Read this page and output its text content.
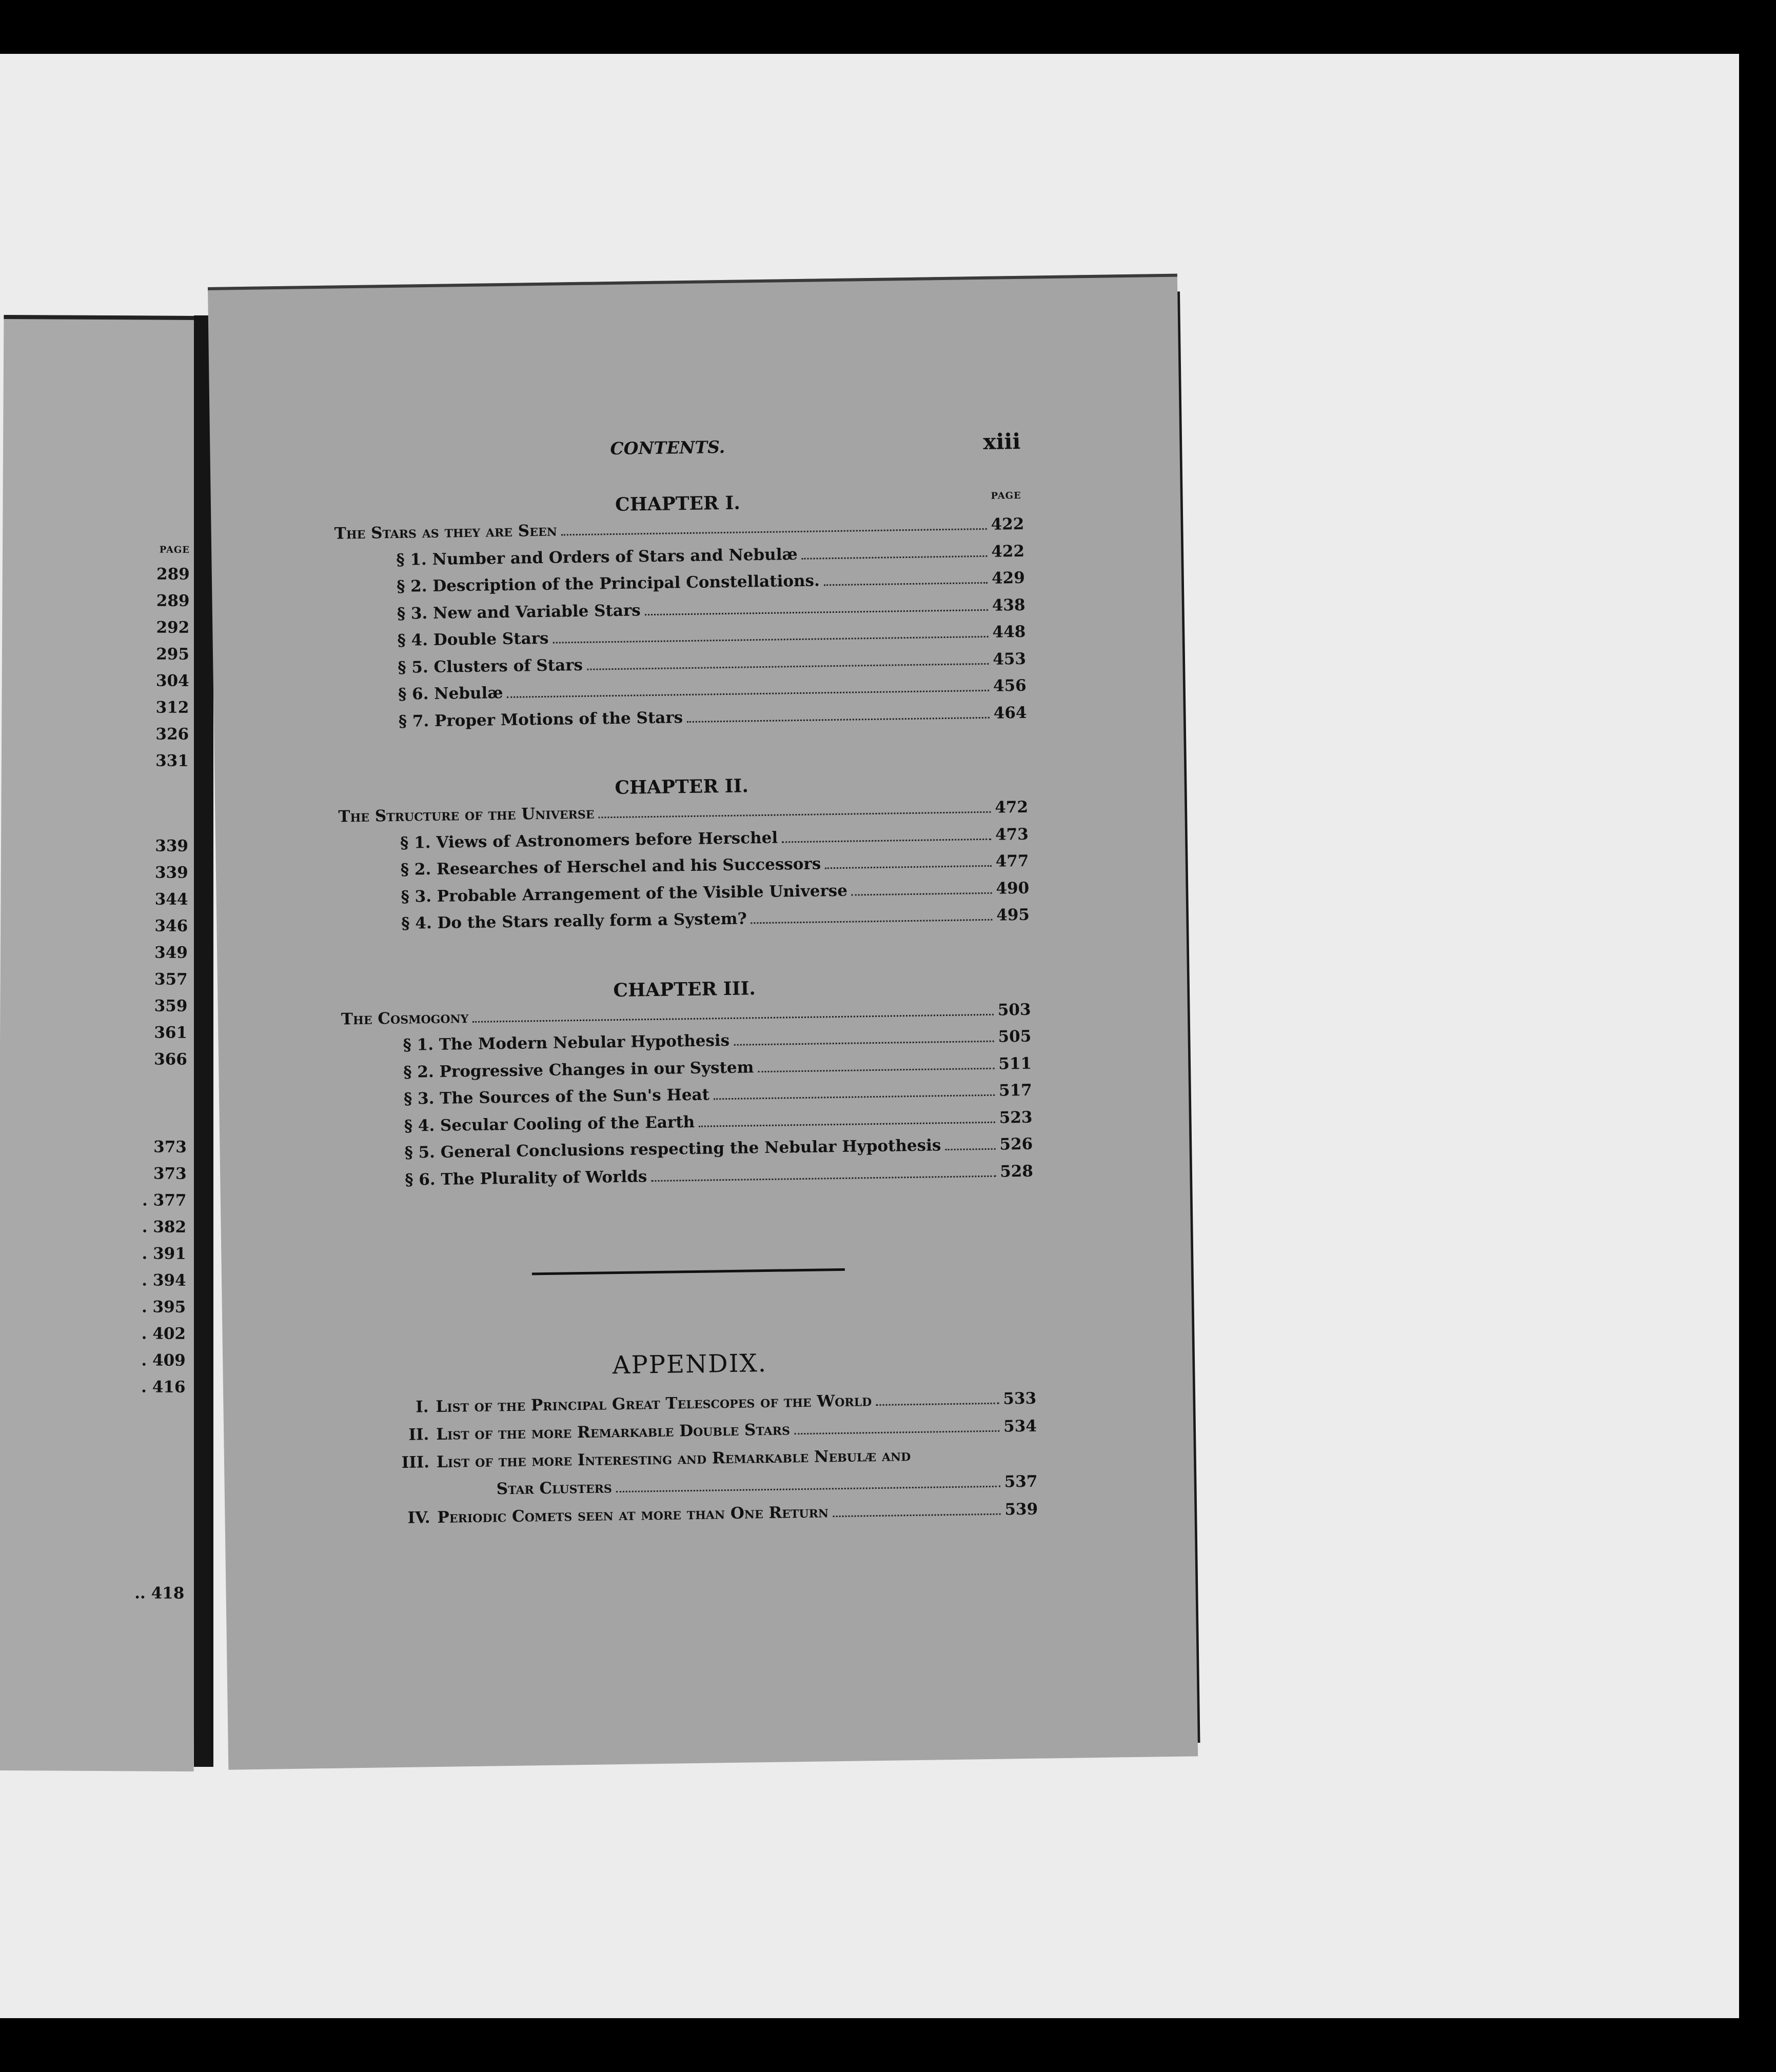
PAGE
289
289
292
295
304
312
326
331
339
339
344
346
349
357
359
361
366
373
373
. 377
. 382
. 391
. 394
. 395
. 402
. 409
. 416
.. 418
CONTENTS.	xiii
CHAPTER I.	PAGE
The Stars as they are Seen	422
§ 1. Number and Orders of Stars and Nebulæ	422
§ 2. Description of the Principal Constellations.	429
§ 3. New and Variable Stars	438
§ 4. Double Stars	448
§ 5. Clusters of Stars	453
§ 6. Nebulæ	456
§ 7. Proper Motions of the Stars	464
CHAPTER II.
The Structure of the Universe	472
§ 1. Views of Astronomers before Herschel	473
§ 2. Researches of Herschel and his Successors	477
§ 3. Probable Arrangement of the Visible Universe	490
§ 4. Do the Stars really form a System?	495
CHAPTER III.
The Cosmogony	503
§ 1. The Modern Nebular Hypothesis	505
§ 2. Progressive Changes in our System	511
§ 3. The Sources of the Sun's Heat	517
§ 4. Secular Cooling of the Earth	523
§ 5. General Conclusions respecting the Nebular Hypothesis	526
§ 6. The Plurality of Worlds	528
APPENDIX.
I. List of the Principal Great Telescopes of the World	533
II. List of the more Remarkable Double Stars	534
III. List of the more Interesting and Remarkable Nebulæ and
Star Clusters	537
IV. Periodic Comets seen at more than One Return	539
